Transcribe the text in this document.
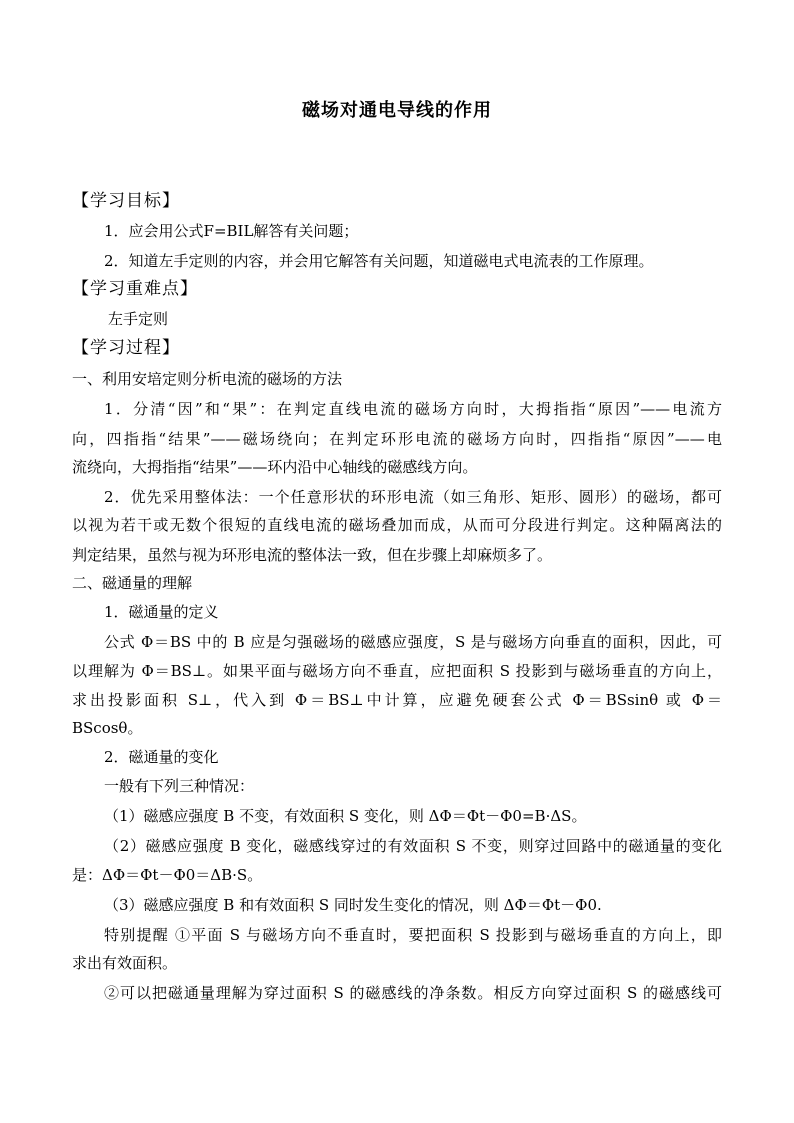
磁场对通电导线的作用
【学习目标】
1．应会用公式F=BIL解答有关问题；
2．知道左手定则的内容，并会用它解答有关问题，知道磁电式电流表的工作原理。
【学习重难点】
左手定则
【学习过程】
一、利用安培定则分析电流的磁场的方法
1．分清“因”和“果”：在判定直线电流的磁场方向时，大拇指指“原因”——电流方
向，四指指“结果”——磁场绕向；在判定环形电流的磁场方向时，四指指“原因”——电
流绕向，大拇指指“结果”——环内沿中心轴线的磁感线方向。
2．优先采用整体法：一个任意形状的环形电流（如三角形、矩形、圆形）的磁场，都可
以视为若干或无数个很短的直线电流的磁场叠加而成，从而可分段进行判定。这种隔离法的
判定结果，虽然与视为环形电流的整体法一致，但在步骤上却麻烦多了。
二、磁通量的理解
1．磁通量的定义
公式 Φ＝BS 中的 B 应是匀强磁场的磁感应强度，S 是与磁场方向垂直的面积，因此，可
以理解为 Φ＝BS⊥。如果平面与磁场方向不垂直，应把面积 S 投影到与磁场垂直的方向上，
求出投影面积 S⊥，代入到 Φ＝BS⊥中计算，应避免硬套公式 Φ＝BSsinθ 或 Φ＝
BScosθ。
2．磁通量的变化
一般有下列三种情况：
（1）磁感应强度 B 不变，有效面积 S 变化，则 ΔΦ＝Φt－Φ0=B·ΔS。
（2）磁感应强度 B 变化，磁感线穿过的有效面积 S 不变，则穿过回路中的磁通量的变化
是：ΔΦ＝Φt－Φ0＝ΔB·S。
（3）磁感应强度 B 和有效面积 S 同时发生变化的情况，则 ΔΦ＝Φt－Φ0.
特别提醒 ①平面 S 与磁场方向不垂直时，要把面积 S 投影到与磁场垂直的方向上，即
求出有效面积。
②可以把磁通量理解为穿过面积 S 的磁感线的净条数。相反方向穿过面积 S 的磁感线可
